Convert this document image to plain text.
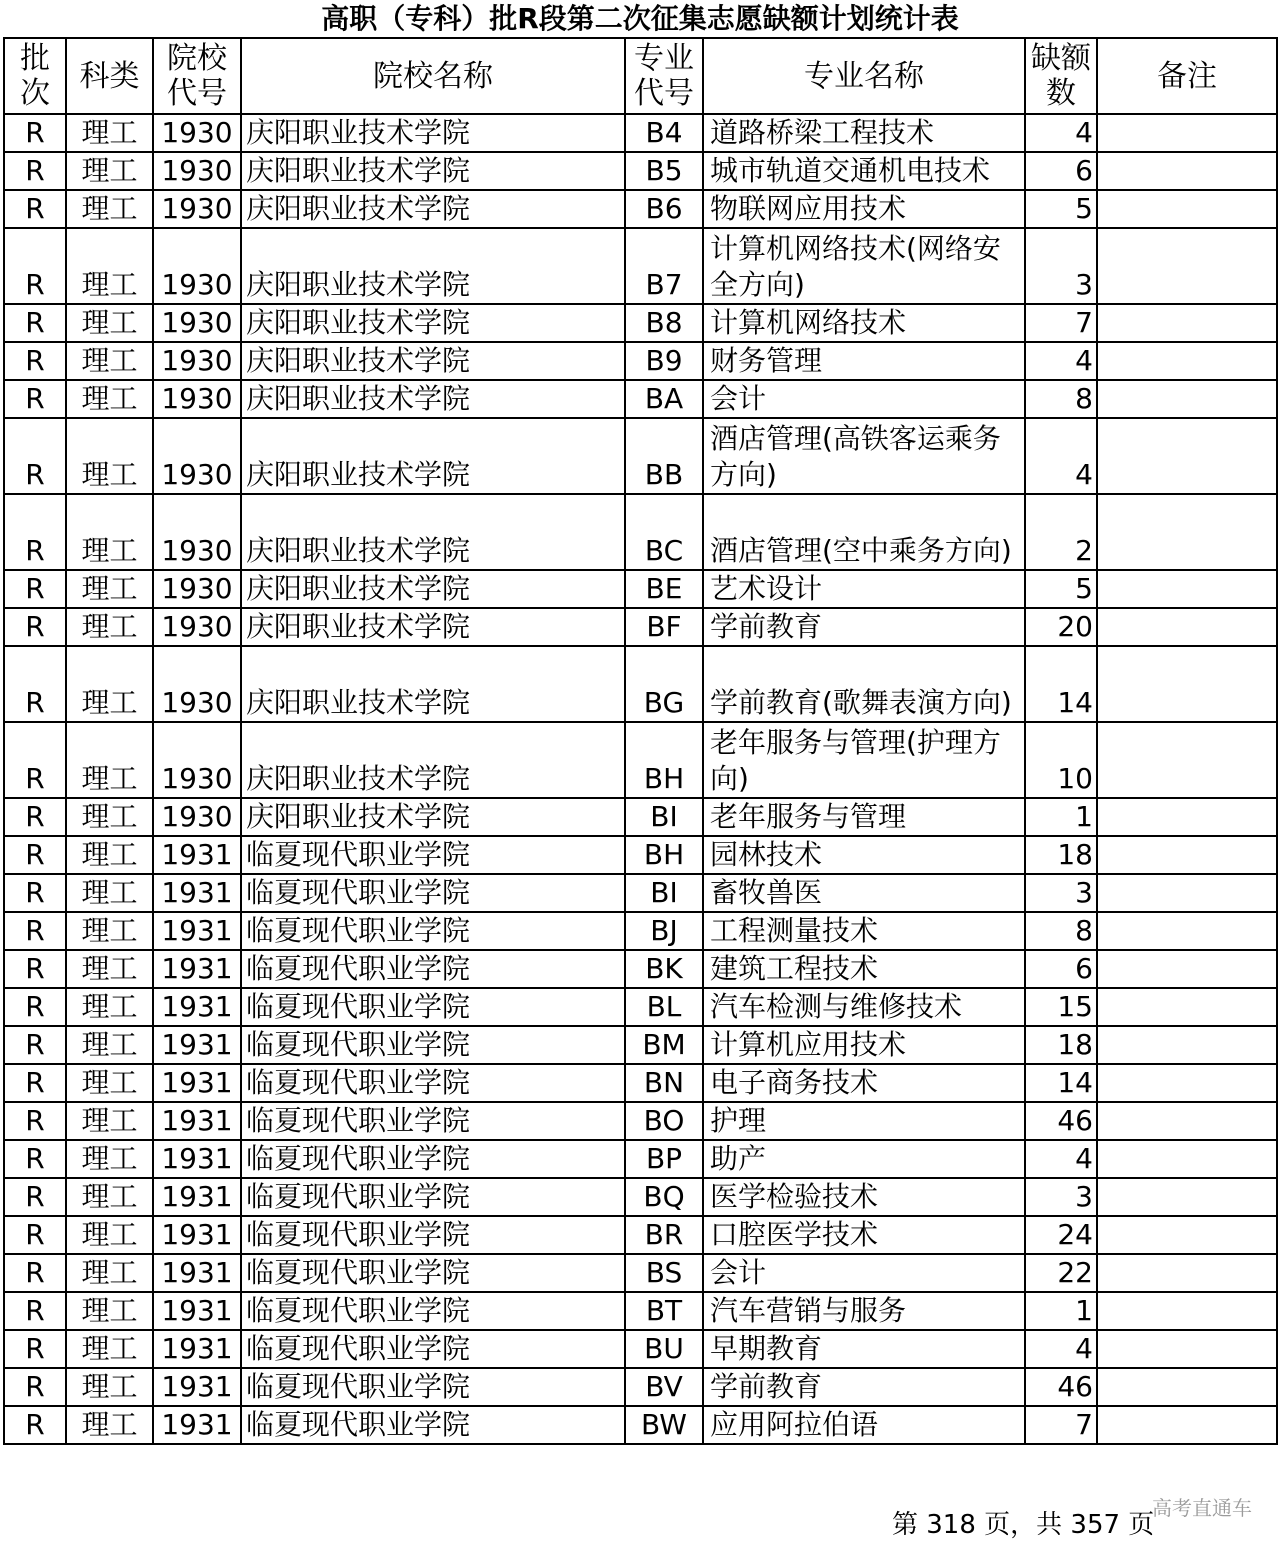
高职（专科）批R段第二次征集志愿缺额计划统计表
批次	科类	院校代号	院校名称	专业代号	专业名称	缺额数	备注
R	理工	1930	庆阳职业技术学院	B4	道路桥梁工程技术	4	
R	理工	1930	庆阳职业技术学院	B5	城市轨道交通机电技术	6	
R	理工	1930	庆阳职业技术学院	B6	物联网应用技术	5	
R	理工	1930	庆阳职业技术学院	B7	计算机网络技术(网络安全方向)	3	
R	理工	1930	庆阳职业技术学院	B8	计算机网络技术	7	
R	理工	1930	庆阳职业技术学院	B9	财务管理	4	
R	理工	1930	庆阳职业技术学院	BA	会计	8	
R	理工	1930	庆阳职业技术学院	BB	酒店管理(高铁客运乘务方向)	4	
R	理工	1930	庆阳职业技术学院	BC	酒店管理(空中乘务方向)	2	
R	理工	1930	庆阳职业技术学院	BE	艺术设计	5	
R	理工	1930	庆阳职业技术学院	BF	学前教育	20	
R	理工	1930	庆阳职业技术学院	BG	学前教育(歌舞表演方向)	14	
R	理工	1930	庆阳职业技术学院	BH	老年服务与管理(护理方向)	10	
R	理工	1930	庆阳职业技术学院	BI	老年服务与管理	1	
R	理工	1931	临夏现代职业学院	BH	园林技术	18	
R	理工	1931	临夏现代职业学院	BI	畜牧兽医	3	
R	理工	1931	临夏现代职业学院	BJ	工程测量技术	8	
R	理工	1931	临夏现代职业学院	BK	建筑工程技术	6	
R	理工	1931	临夏现代职业学院	BL	汽车检测与维修技术	15	
R	理工	1931	临夏现代职业学院	BM	计算机应用技术	18	
R	理工	1931	临夏现代职业学院	BN	电子商务技术	14	
R	理工	1931	临夏现代职业学院	BO	护理	46	
R	理工	1931	临夏现代职业学院	BP	助产	4	
R	理工	1931	临夏现代职业学院	BQ	医学检验技术	3	
R	理工	1931	临夏现代职业学院	BR	口腔医学技术	24	
R	理工	1931	临夏现代职业学院	BS	会计	22	
R	理工	1931	临夏现代职业学院	BT	汽车营销与服务	1	
R	理工	1931	临夏现代职业学院	BU	早期教育	4	
R	理工	1931	临夏现代职业学院	BV	学前教育	46	
R	理工	1931	临夏现代职业学院	BW	应用阿拉伯语	7	
高考直通车
第 318 页，共 357 页
